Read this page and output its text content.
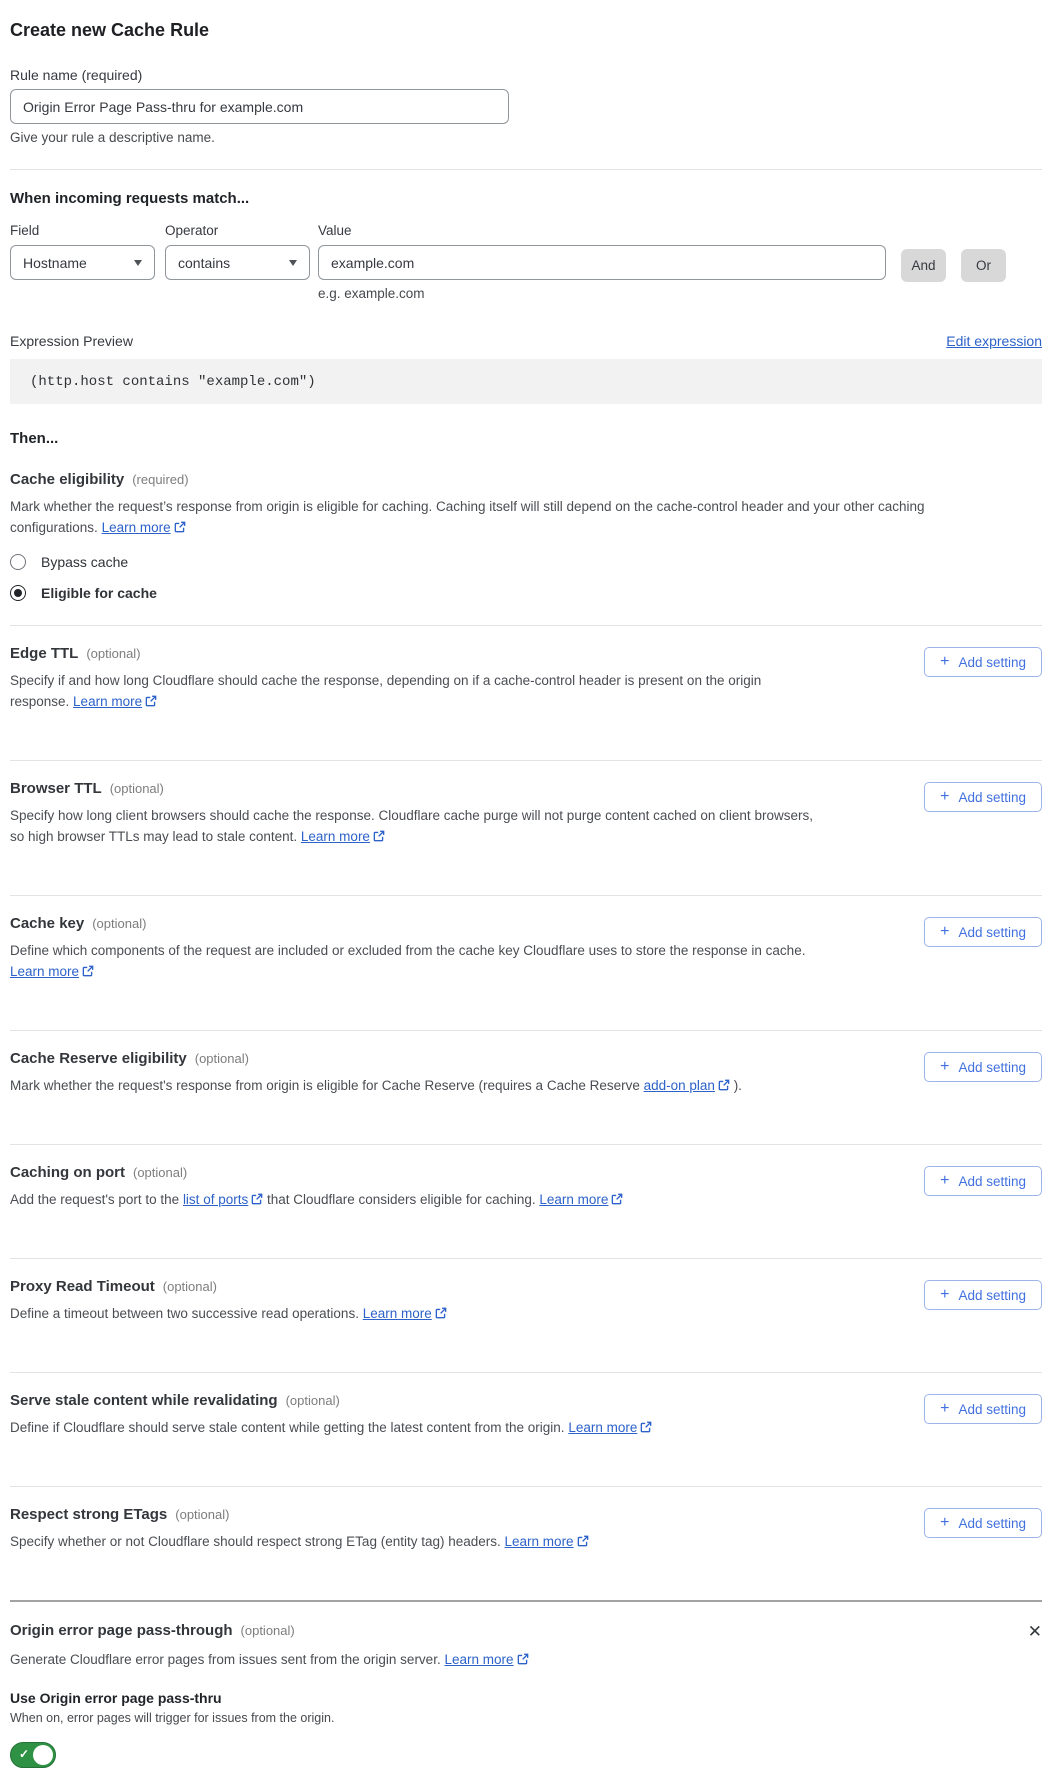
Create new Cache Rule
Rule name (required)
Origin Error Page Pass-thru for example.com
Give your rule a descriptive name.
When incoming requests match...
Field
Hostname
Operator
contains
Value
example.com
e.g. example.com
And	Or
Expression Preview	Edit expression
(http.host contains "example.com")
Then...
Cache eligibility (required)

Mark whether the request’s response from origin is eligible for caching. Caching itself will still depend on the cache-control header and your other caching configurations. Learn more

Bypass cache
Eligible for cache
Edge TTL (optional)

Specify if and how long Cloudflare should cache the response, depending on if a cache-control header is present on the origin response. Learn more

+ Add setting
Browser TTL (optional)

Specify how long client browsers should cache the response. Cloudflare cache purge will not purge content cached on client browsers, so high browser TTLs may lead to stale content. Learn more

+ Add setting
Cache key (optional)

Define which components of the request are included or excluded from the cache key Cloudflare uses to store the response in cache. Learn more

+ Add setting
Cache Reserve eligibility (optional)

Mark whether the request's response from origin is eligible for Cache Reserve (requires a Cache Reserve add-on plan ).

+ Add setting
Caching on port (optional)

Add the request's port to the list of ports that Cloudflare considers eligible for caching. Learn more

+ Add setting
Proxy Read Timeout (optional)

Define a timeout between two successive read operations. Learn more

+ Add setting
Serve stale content while revalidating (optional)

Define if Cloudflare should serve stale content while getting the latest content from the origin. Learn more

+ Add setting
Respect strong ETags (optional)

Specify whether or not Cloudflare should respect strong ETag (entity tag) headers. Learn more

+ Add setting
Origin error page pass-through (optional)	✕

Generate Cloudflare error pages from issues sent from the origin server. Learn more

Use Origin error page pass-thru
When on, error pages will trigger for issues from the origin.
✓
